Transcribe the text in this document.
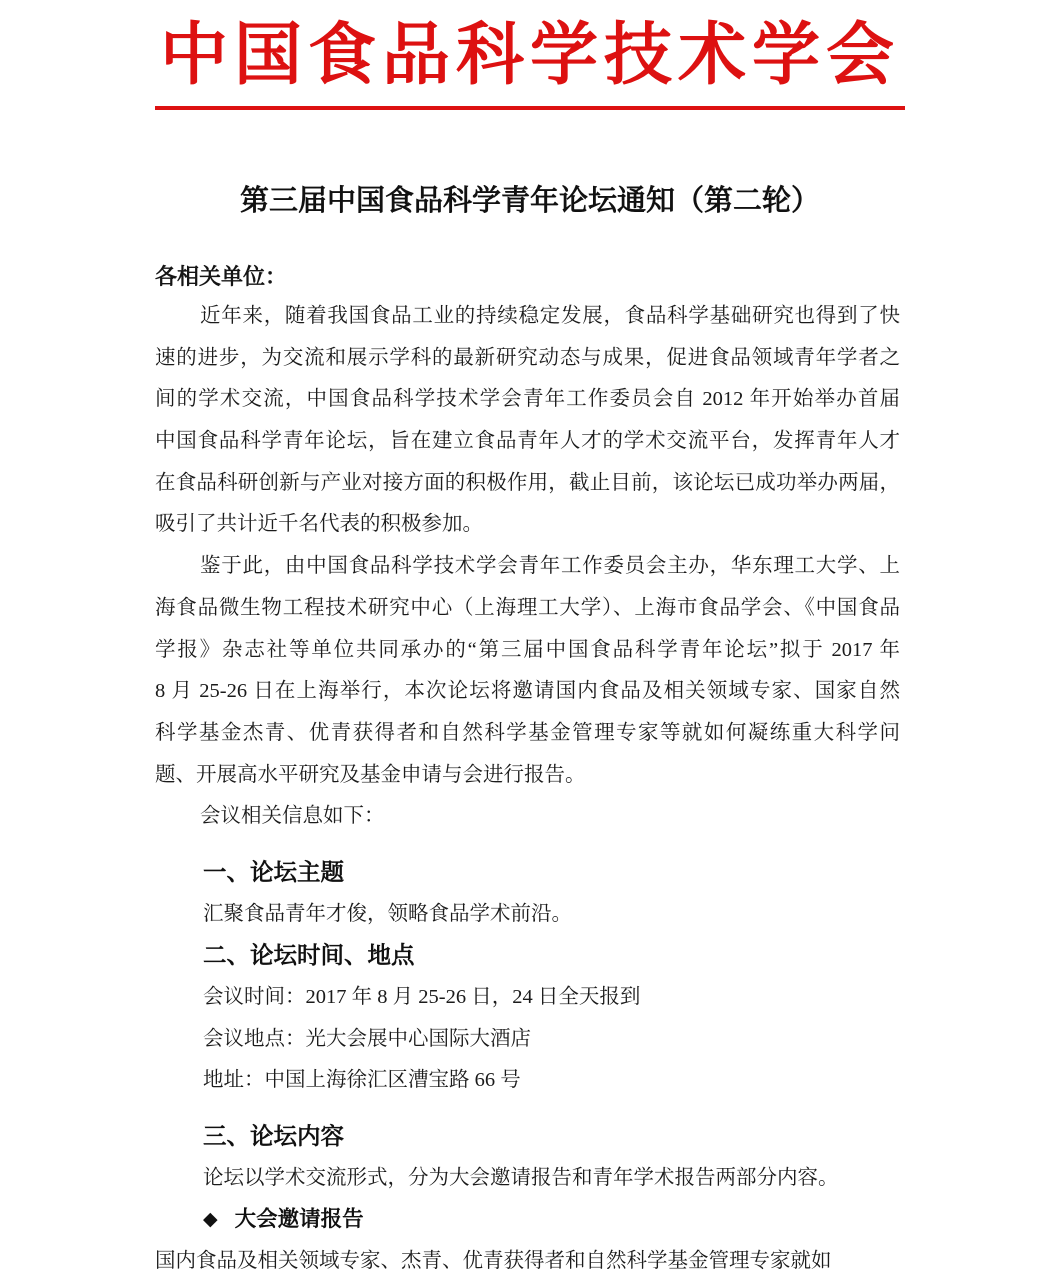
中国食品科学技术学会
第三届中国食品科学青年论坛通知（第二轮）
各相关单位：
近年来，随着我国食品工业的持续稳定发展，食品科学基础研究也得到了快
速的进步，为交流和展示学科的最新研究动态与成果，促进食品领域青年学者之
间的学术交流，中国食品科学技术学会青年工作委员会自 2012 年开始举办首届
中国食品科学青年论坛，旨在建立食品青年人才的学术交流平台，发挥青年人才
在食品科研创新与产业对接方面的积极作用，截止目前，该论坛已成功举办两届，
吸引了共计近千名代表的积极参加。
鉴于此，由中国食品科学技术学会青年工作委员会主办，华东理工大学、上
海食品微生物工程技术研究中心（上海理工大学）、上海市食品学会、《中国食品
学报》杂志社等单位共同承办的“第三届中国食品科学青年论坛”拟于 2017 年
8 月 25-26 日在上海举行，本次论坛将邀请国内食品及相关领域专家、国家自然
科学基金杰青、优青获得者和自然科学基金管理专家等就如何凝练重大科学问
题、开展高水平研究及基金申请与会进行报告。
会议相关信息如下：
一、论坛主题
汇聚食品青年才俊，领略食品学术前沿。
二、论坛时间、地点
会议时间：2017 年 8 月 25-26 日，24 日全天报到
会议地点：光大会展中心国际大酒店
地址：中国上海徐汇区漕宝路 66 号
三、论坛内容
论坛以学术交流形式，分为大会邀请报告和青年学术报告两部分内容。
◆ 大会邀请报告
国内食品及相关领域专家、杰青、优青获得者和自然科学基金管理专家就如
